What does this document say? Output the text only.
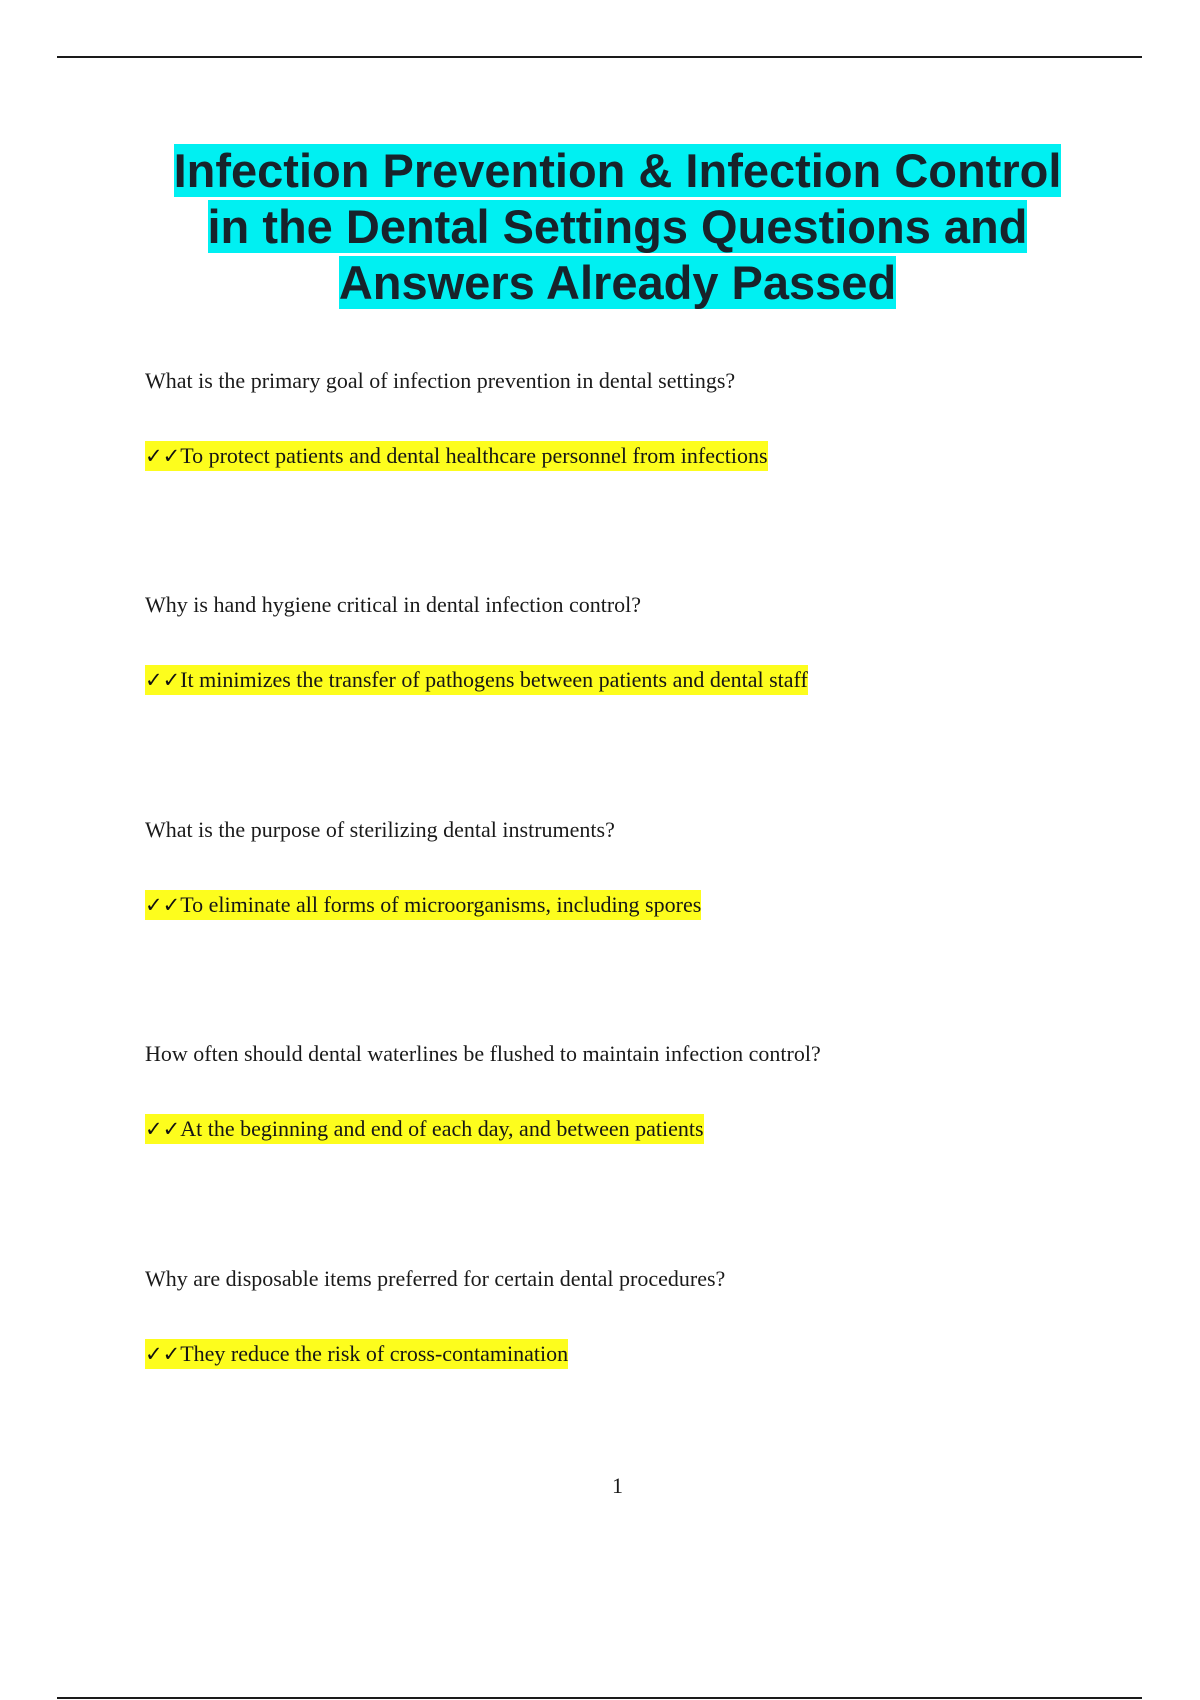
Infection Prevention & Infection Control in the Dental Settings Questions and Answers Already Passed
What is the primary goal of infection prevention in dental settings?
✓✓To protect patients and dental healthcare personnel from infections
Why is hand hygiene critical in dental infection control?
✓✓It minimizes the transfer of pathogens between patients and dental staff
What is the purpose of sterilizing dental instruments?
✓✓To eliminate all forms of microorganisms, including spores
How often should dental waterlines be flushed to maintain infection control?
✓✓At the beginning and end of each day, and between patients
Why are disposable items preferred for certain dental procedures?
✓✓They reduce the risk of cross-contamination
1
